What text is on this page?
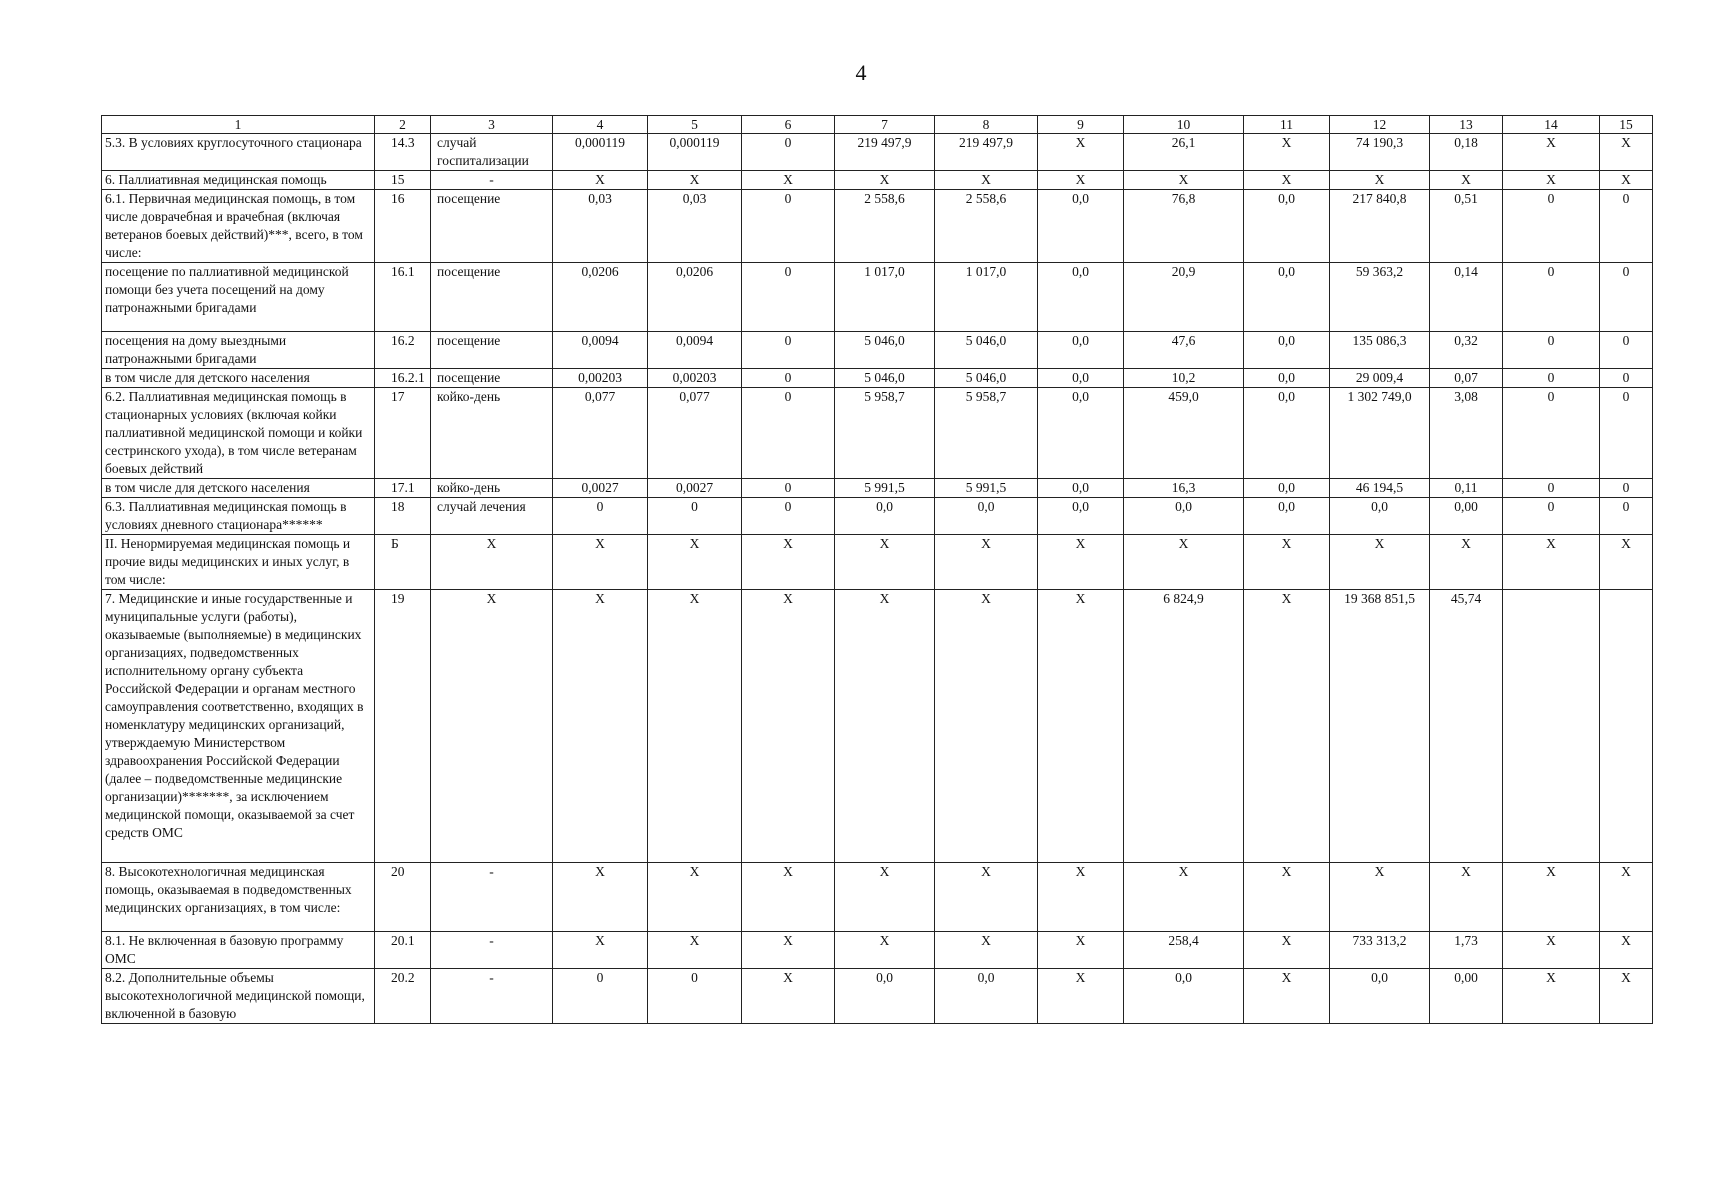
4
1	2	3	4	5	6	7	8	9	10	11	12	13	14	15
5.3. В условиях круглосуточного стационара	14.3	случай госпитализации	0,000119	0,000119	0	219 497,9	219 497,9	X	26,1	X	74 190,3	0,18	X	X
6. Паллиативная медицинская помощь	15	-	X	X	X	X	X	X	X	X	X	X	X	X
6.1. Первичная медицинская помощь, в том числе доврачебная и врачебная (включая ветеранов боевых действий)***, всего, в том числе:	16	посещение	0,03	0,03	0	2 558,6	2 558,6	0,0	76,8	0,0	217 840,8	0,51	0	0
посещение по паллиативной медицинской помощи без учета посещений на дому патронажными бригадами	16.1	посещение	0,0206	0,0206	0	1 017,0	1 017,0	0,0	20,9	0,0	59 363,2	0,14	0	0
посещения на дому выездными патронажными бригадами	16.2	посещение	0,0094	0,0094	0	5 046,0	5 046,0	0,0	47,6	0,0	135 086,3	0,32	0	0
в том числе для детского населения	16.2.1	посещение	0,00203	0,00203	0	5 046,0	5 046,0	0,0	10,2	0,0	29 009,4	0,07	0	0
6.2. Паллиативная медицинская помощь в стационарных условиях (включая койки паллиативной медицинской помощи и койки сестринского ухода), в том числе ветеранам боевых действий	17	койко-день	0,077	0,077	0	5 958,7	5 958,7	0,0	459,0	0,0	1 302 749,0	3,08	0	0
в том числе для детского населения	17.1	койко-день	0,0027	0,0027	0	5 991,5	5 991,5	0,0	16,3	0,0	46 194,5	0,11	0	0
6.3. Паллиативная медицинская помощь в условиях дневного стационара******	18	случай лечения	0	0	0	0,0	0,0	0,0	0,0	0,0	0,0	0,00	0	0
II. Ненормируемая медицинская помощь и прочие виды медицинских и иных услуг, в том числе:	Б	X	X	X	X	X	X	X	X	X	X	X	X	X
7. Медицинские и иные государственные и муниципальные услуги (работы), оказываемые (выполняемые) в медицинских организациях, подведомственных исполнительному органу субъекта Российской Федерации и органам местного самоуправления соответственно, входящих в номенклатуру медицинских организаций, утверждаемую Министерством здравоохранения Российской Федерации (далее – подведомственные медицинские организации)*******, за исключением медицинской помощи, оказываемой за счет средств ОМС	19	X	X	X	X	X	X	X	6 824,9	X	19 368 851,5	45,74		
8. Высокотехнологичная медицинская помощь, оказываемая в подведомственных медицинских организациях, в том числе:	20	-	X	X	X	X	X	X	X	X	X	X	X	X
8.1. Не включенная в базовую программу ОМС	20.1	-	X	X	X	X	X	X	258,4	X	733 313,2	1,73	X	X
8.2. Дополнительные объемы высокотехнологичной медицинской помощи, включенной в базовую	20.2	-	0	0	X	0,0	0,0	X	0,0	X	0,0	0,00	X	X
